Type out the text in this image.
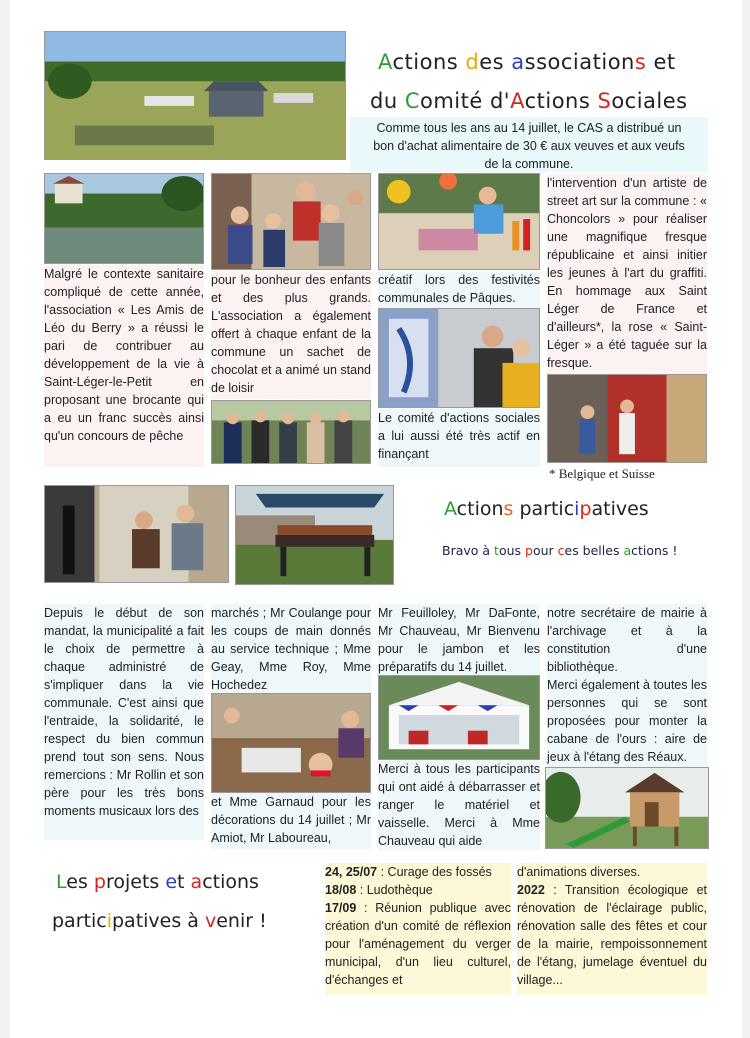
Actions des associations et
du Comité d'Actions Sociales
Comme tous les ans au 14 juillet, le CAS a distribué un bon d'achat alimentaire de 30 € aux veuves et aux veufs de la commune.
Malgré le contexte sanitaire compliqué de cette année, l'association « Les Amis de Léo du Berry » a réussi le pari de contribuer au développement de la vie à Saint-Léger-le-Petit en proposant une brocante qui a eu un franc succès ainsi qu'un concours de pêche
pour le bonheur des enfants et des plus grands. L'association a également offert à chaque enfant de la commune un sachet de chocolat et a animé un stand de loisir
créatif lors des festivités communales de Pâques.
Le comité d'actions sociales a lui aussi été très actif en finançant
l'intervention d'un artiste de street art sur la commune : « Choncolors » pour réaliser une magnifique fresque républicaine et ainsi initier les jeunes à l'art du graffiti. En hommage aux Saint Léger de France et d'ailleurs*, la rose « Saint-Léger » a été taguée sur la fresque.
* Belgique et Suisse
Actions participatives
Bravo à tous pour ces belles actions !
Depuis le début de son mandat, la municipalité a fait le choix de permettre à chaque administré de s'impliquer dans la vie communale. C'est ainsi que l'entraide, la solidarité, le respect du bien commun prend tout son sens. Nous remercions : Mr Rollin et son père pour les très bons moments musicaux lors des
marchés ; Mr Coulange pour les coups de main donnés au service technique ; Mme Geay, Mme Roy, Mme Hochedez
et Mme Garnaud pour les décorations du 14 juillet ; Mr Amiot, Mr Laboureau,
Mr Feuilloley, Mr DaFonte, Mr Chauveau, Mr Bienvenu pour le jambon et les préparatifs du 14 juillet.
Merci à tous les participants qui ont aidé à débarrasser et ranger le matériel et vaisselle. Merci à Mme Chauveau qui aide
notre secrétaire de mairie à l'archivage et à la constitution d'une bibliothèque.
Merci également à toutes les personnes qui se sont proposées pour monter la cabane de l'ours : aire de jeux à l'étang des Réaux.
Les projets et actions
participatives à venir !

24, 25/07 : Curage des fossés

18/08 : Ludothèque

17/09 : Réunion publique avec création d'un comité de réflexion pour l'aménagement du verger municipal, d'un lieu culturel, d'échanges et

d'animations diverses.

2022 : Transition écologique et rénovation de l'éclairage public, rénovation salle des fêtes et cour de la mairie, rempoissonnement de l'étang, jumelage éventuel du village...
